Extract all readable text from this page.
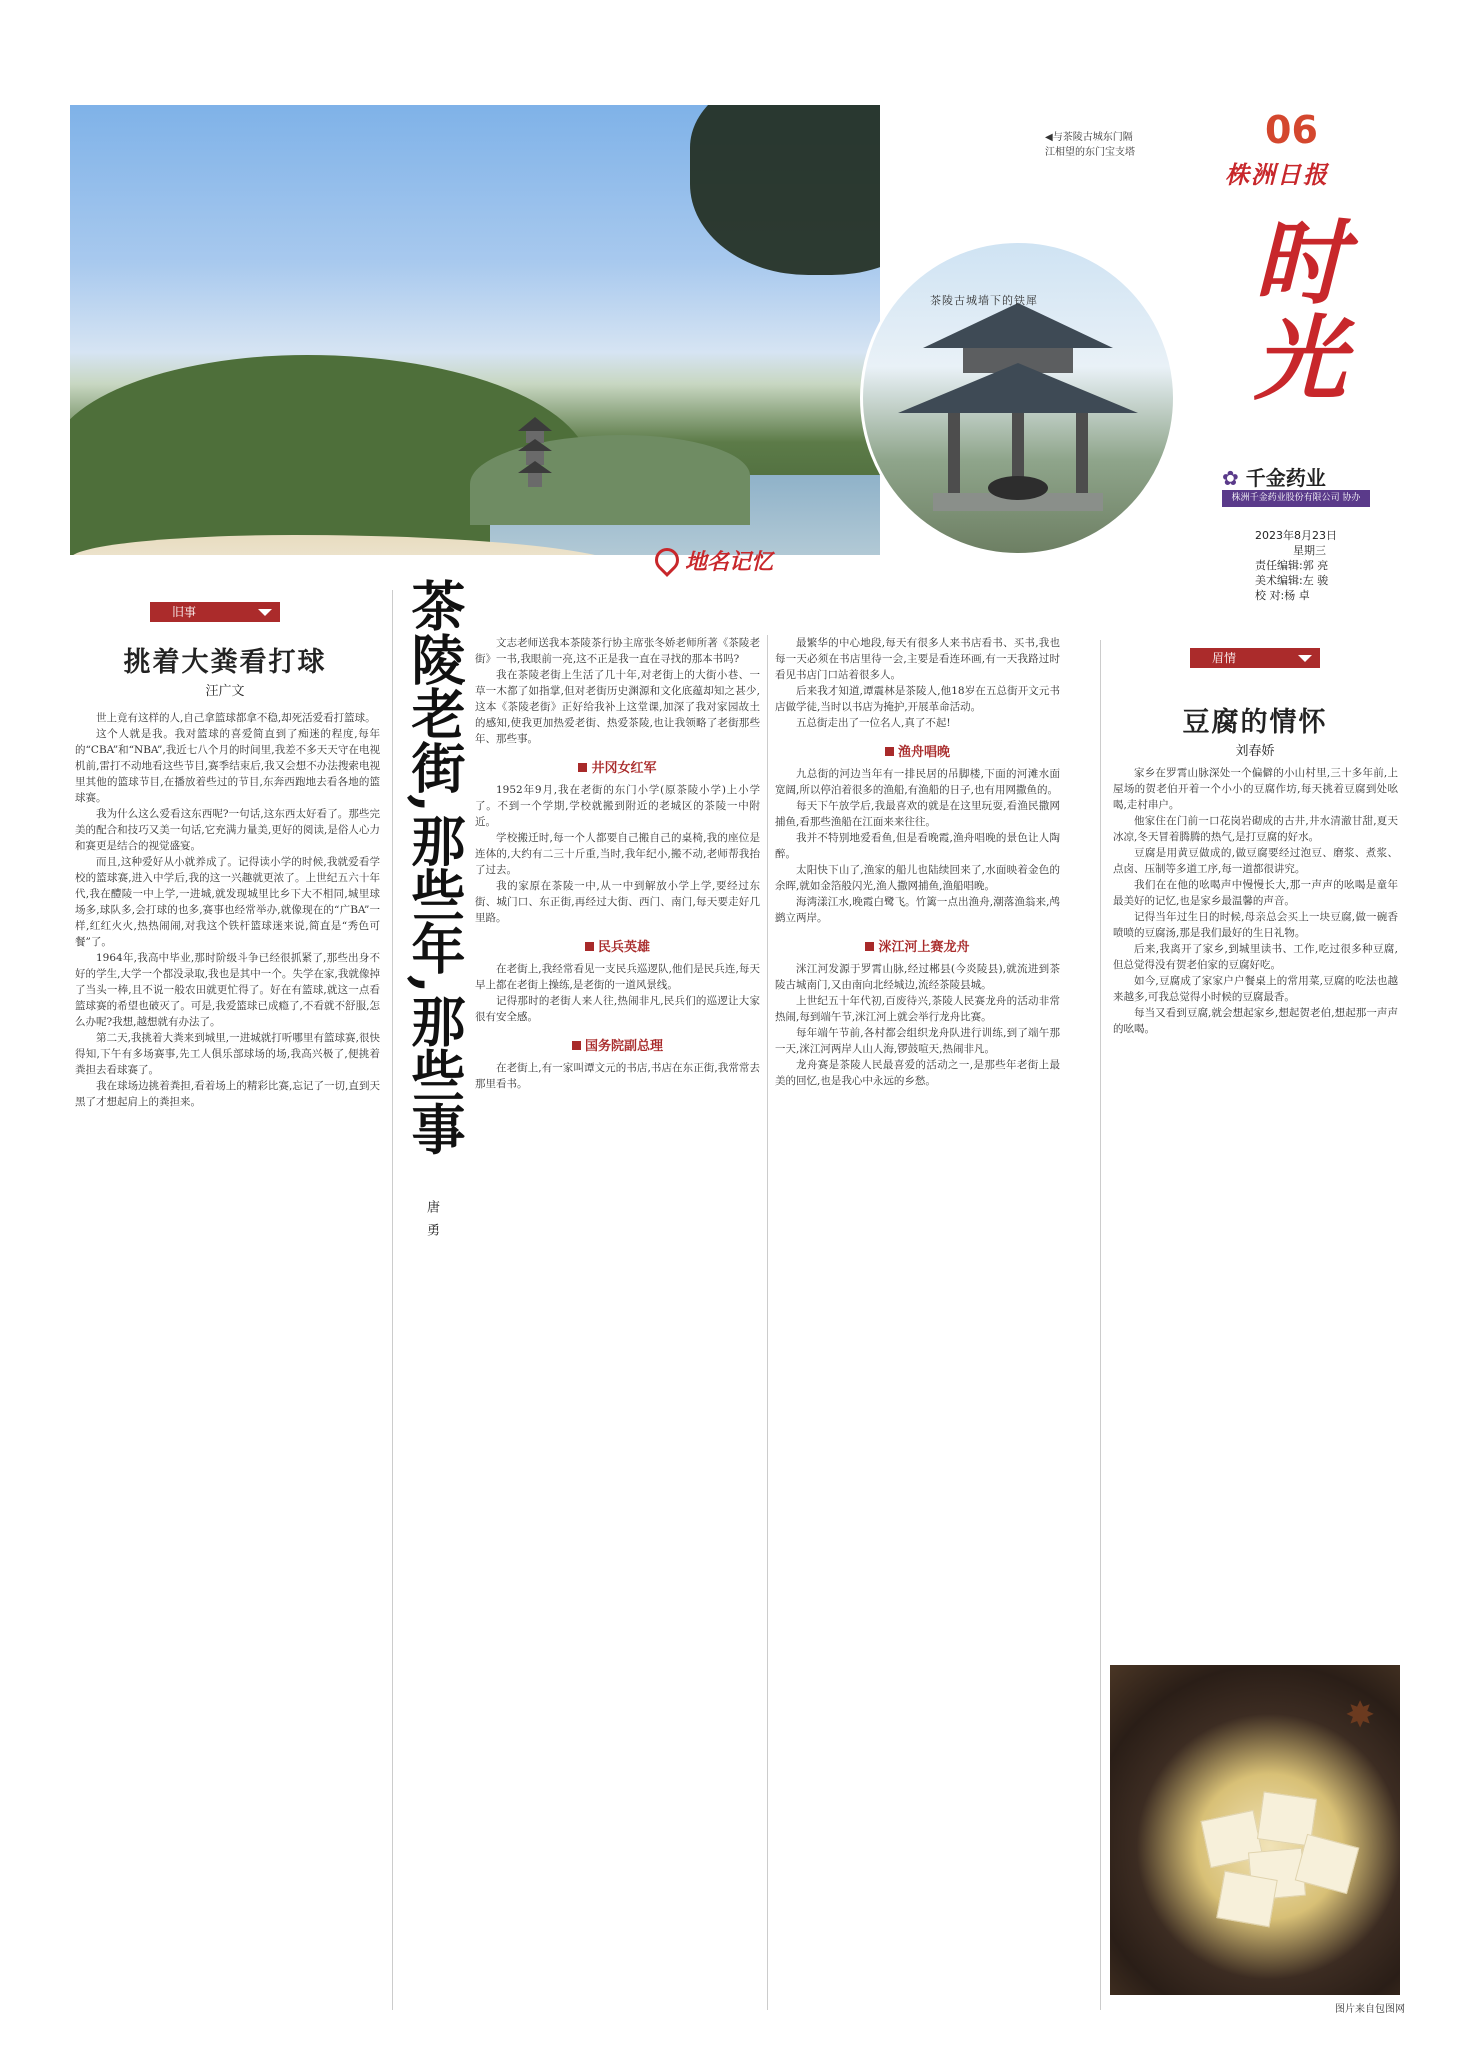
◀与茶陵古城东门隔江相望的东门宝支塔
茶陵古城墙下的铁犀
06
株洲日报
时光
✿ 千金药业
株洲千金药业股份有限公司 协办
2023年8月23日
星期三
责任编辑:郭 亮
美术编辑:左 骏
校 对:杨 卓
地名记忆
旧事
挑着大粪看打球
汪广文

世上竟有这样的人,自己拿篮球都拿不稳,却死活爱看打篮球。

这个人就是我。我对篮球的喜爱简直到了痴迷的程度,每年的“CBA”和“NBA”,我近七八个月的时间里,我差不多天天守在电视机前,雷打不动地看这些节目,赛季结束后,我又会想不办法搜索电视里其他的篮球节目,在播放着些过的节目,东奔西跑地去看各地的篮球赛。

我为什么这么爱看这东西呢?一句话,这东西太好看了。那些完美的配合和技巧又美一句话,它充满力量美,更好的阅读,是俗人心力和赛更是结合的视觉盛宴。

而且,这种爱好从小就养成了。记得读小学的时候,我就爱看学校的篮球赛,进入中学后,我的这一兴趣就更浓了。上世纪五六十年代,我在醴陵一中上学,一进城,就发现城里比乡下大不相同,城里球场多,球队多,会打球的也多,赛事也经常举办,就像现在的“广BA”一样,红红火火,热热闹闹,对我这个铁杆篮球迷来说,简直是“秀色可餐”了。

1964年,我高中毕业,那时阶级斗争已经很抓紧了,那些出身不好的学生,大学一个都没录取,我也是其中一个。失学在家,我就像掉了当头一棒,且不说一般农田就更忙得了。好在有篮球,就这一点看篮球赛的希望也破灭了。可是,我爱篮球已成瘾了,不看就不舒服,怎么办呢?我想,越想就有办法了。

第二天,我挑着大粪来到城里,一进城就打听哪里有篮球赛,很快得知,下午有多场赛事,先工人俱乐部球场的场,我高兴极了,便挑着粪担去看球赛了。

我在球场边挑着粪担,看着场上的精彩比赛,忘记了一切,直到天黑了才想起肩上的粪担来。	茶陵老街,那些年,那些事
唐勇

文志老师送我本茶陵茶行协主席张冬娇老师所著《茶陵老街》一书,我眼前一亮,这不正是我一直在寻找的那本书吗?

我在茶陵老街上生活了几十年,对老街上的大街小巷、一草一木都了如指掌,但对老街历史渊源和文化底蕴却知之甚少,这本《茶陵老街》正好给我补上这堂课,加深了我对家园故土的感知,使我更加热爱老街、热爱茶陵,也让我领略了老街那些年、那些事。

井冈女红军

1952年9月,我在老街的东门小学(原茶陵小学)上小学了。不到一个学期,学校就搬到附近的老城区的茶陵一中附近。

学校搬迁时,每一个人都要自己搬自己的桌椅,我的座位是连体的,大约有二三十斤重,当时,我年纪小,搬不动,老师帮我抬了过去。

我的家原在茶陵一中,从一中到解放小学上学,要经过东街、城门口、东正街,再经过大街、西门、南门,每天要走好几里路。

民兵英雄

在老街上,我经常看见一支民兵巡逻队,他们是民兵连,每天早上都在老街上操练,是老街的一道风景线。

记得那时的老街人来人往,热闹非凡,民兵们的巡逻让大家很有安全感。

国务院副总理

在老街上,有一家叫谭文元的书店,书店在东正街,我常常去那里看书。

最繁华的中心地段,每天有很多人来书店看书、买书,我也每一天必须在书店里待一会,主要是看连环画,有一天我路过时看见书店门口站着很多人。

后来我才知道,谭震林是茶陵人,他18岁在五总街开文元书店做学徒,当时以书店为掩护,开展革命活动。

五总街走出了一位名人,真了不起!

渔舟唱晚

九总街的河边当年有一排民居的吊脚楼,下面的河滩水面宽阔,所以停泊着很多的渔船,有渔船的日子,也有用网撒鱼的。

每天下午放学后,我最喜欢的就是在这里玩耍,看渔民撒网捕鱼,看那些渔船在江面来来往往。

我并不特别地爱看鱼,但是看晚霞,渔舟唱晚的景色让人陶醉。

太阳快下山了,渔家的船儿也陆续回来了,水面映着金色的余晖,就如金箔般闪光,渔人撒网捕鱼,渔船唱晚。

海湾漾江水,晚霞白鹭飞。竹篱一点出渔舟,潮落渔翁来,鸬鹚立两岸。

洣江河上赛龙舟

洣江河发源于罗霄山脉,经过郴县(今炎陵县),就流进到茶陵古城南门,又由南向北经城边,流经茶陵县城。

上世纪五十年代初,百废待兴,茶陵人民赛龙舟的活动非常热闹,每到端午节,洣江河上就会举行龙舟比赛。

每年端午节前,各村都会组织龙舟队进行训练,到了端午那一天,洣江河两岸人山人海,锣鼓喧天,热闹非凡。

龙舟赛是茶陵人民最喜爱的活动之一,是那些年老街上最美的回忆,也是我心中永远的乡愁。

眉情
豆腐的情怀
刘春娇

家乡在罗霄山脉深处一个偏僻的小山村里,三十多年前,上屋场的贺老伯开着一个小小的豆腐作坊,每天挑着豆腐到处吆喝,走村串户。

他家住在门前一口花岗岩砌成的古井,井水清澈甘甜,夏天冰凉,冬天冒着腾腾的热气,是打豆腐的好水。

豆腐是用黄豆做成的,做豆腐要经过泡豆、磨浆、煮浆、点卤、压制等多道工序,每一道都很讲究。

我们在在他的吆喝声中慢慢长大,那一声声的吆喝是童年最美好的记忆,也是家乡最温馨的声音。

记得当年过生日的时候,母亲总会买上一块豆腐,做一碗香喷喷的豆腐汤,那是我们最好的生日礼物。

后来,我离开了家乡,到城里读书、工作,吃过很多种豆腐,但总觉得没有贺老伯家的豆腐好吃。

如今,豆腐成了家家户户餐桌上的常用菜,豆腐的吃法也越来越多,可我总觉得小时候的豆腐最香。

每当又看到豆腐,就会想起家乡,想起贺老伯,想起那一声声的吆喝。

✸
图片来自包图网
